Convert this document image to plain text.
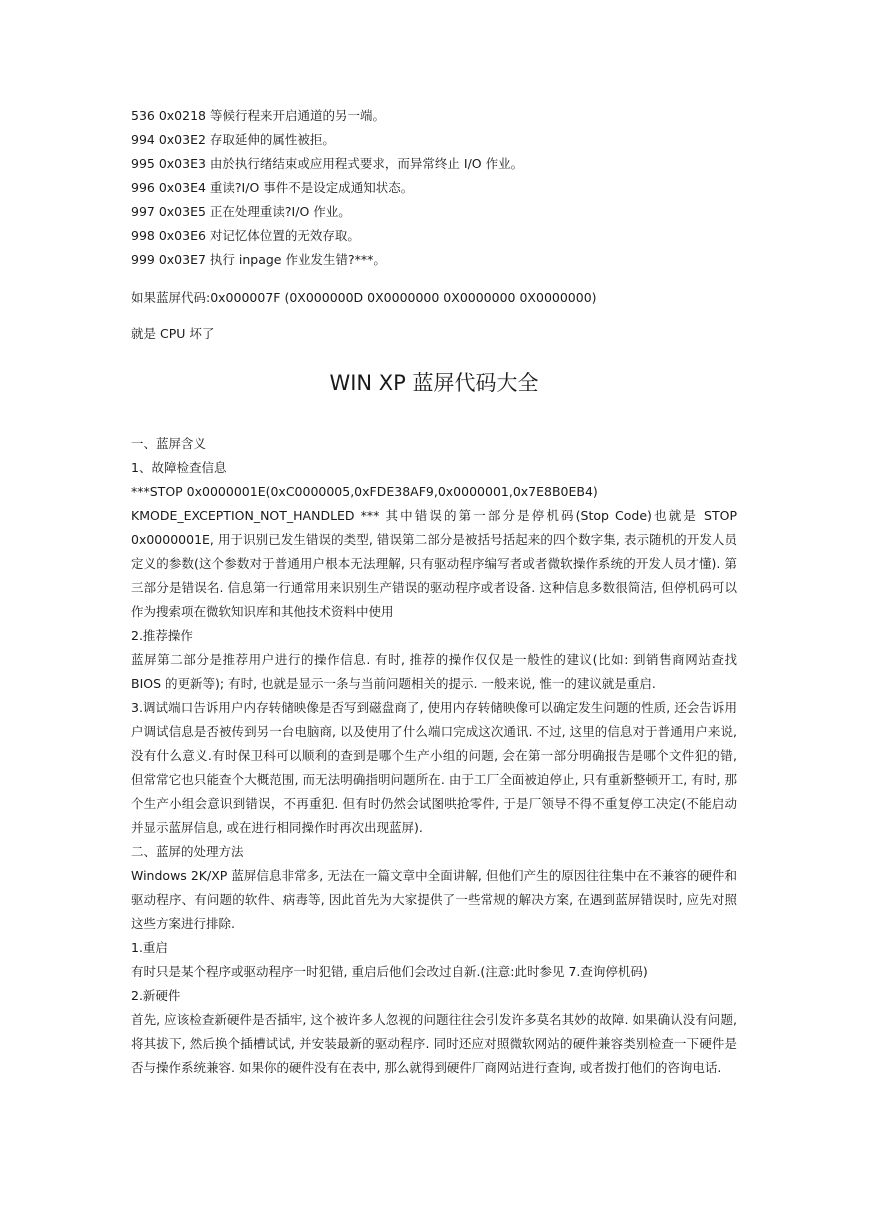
536 0x0218 等候行程来开启通道的另一端。

994 0x03E2 存取延伸的属性被拒。

995 0x03E3 由於执行绪结束或应用程式要求，而异常终止 I/O 作业。

996 0x03E4 重读?I/O 事件不是设定成通知状态。

997 0x03E5 正在处理重读?I/O 作业。

998 0x03E6 对记忆体位置的无效存取。

999 0x03E7 执行 inpage 作业发生错?***。

如果蓝屏代码:0x000007F (0X000000D 0X0000000 0X0000000 0X0000000)

就是 CPU 坏了

WIN XP 蓝屏代码大全

一、蓝屏含义

1、故障检查信息

***STOP 0x0000001E(0xC0000005,0xFDE38AF9,0x0000001,0x7E8B0EB4)

KMODE_EXCEPTION_NOT_HANDLED *** 其中错误的第一部分是停机码(Stop Code)也就是 STOP 0x0000001E, 用于识别已发生错误的类型, 错误第二部分是被括号括起来的四个数字集, 表示随机的开发人员定义的参数(这个参数对于普通用户根本无法理解, 只有驱动程序编写者或者微软操作系统的开发人员才懂). 第三部分是错误名. 信息第一行通常用来识别生产错误的驱动程序或者设备. 这种信息多数很简洁, 但停机码可以作为搜索项在微软知识库和其他技术资料中使用

2.推荐操作

蓝屏第二部分是推荐用户进行的操作信息. 有时, 推荐的操作仅仅是一般性的建议(比如: 到销售商网站查找 BIOS 的更新等); 有时, 也就是显示一条与当前问题相关的提示. 一般来说, 惟一的建议就是重启.

3.调试端口告诉用户内存转储映像是否写到磁盘商了, 使用内存转储映像可以确定发生问题的性质, 还会告诉用户调试信息是否被传到另一台电脑商, 以及使用了什么端口完成这次通讯. 不过, 这里的信息对于普通用户来说, 没有什么意义.有时保卫科可以顺利的查到是哪个生产小组的问题, 会在第一部分明确报告是哪个文件犯的错, 但常常它也只能查个大概范围, 而无法明确指明问题所在. 由于工厂全面被迫停止, 只有重新整顿开工, 有时, 那个生产小组会意识到错误，不再重犯. 但有时仍然会试图哄抢零件, 于是厂领导不得不重复停工决定(不能启动并显示蓝屏信息, 或在进行相同操作时再次出现蓝屏).

二、蓝屏的处理方法

Windows 2K/XP 蓝屏信息非常多, 无法在一篇文章中全面讲解, 但他们产生的原因往往集中在不兼容的硬件和驱动程序、有问题的软件、病毒等, 因此首先为大家提供了一些常规的解决方案, 在遇到蓝屏错误时, 应先对照这些方案进行排除.

1.重启

有时只是某个程序或驱动程序一时犯错, 重启后他们会改过自新.(注意:此时参见 7.查询停机码)

2.新硬件

首先, 应该检查新硬件是否插牢, 这个被许多人忽视的问题往往会引发许多莫名其妙的故障. 如果确认没有问题, 将其拔下, 然后换个插槽试试, 并安装最新的驱动程序. 同时还应对照微软网站的硬件兼容类别检查一下硬件是否与操作系统兼容. 如果你的硬件没有在表中, 那么就得到硬件厂商网站进行查询, 或者拨打他们的咨询电话.
